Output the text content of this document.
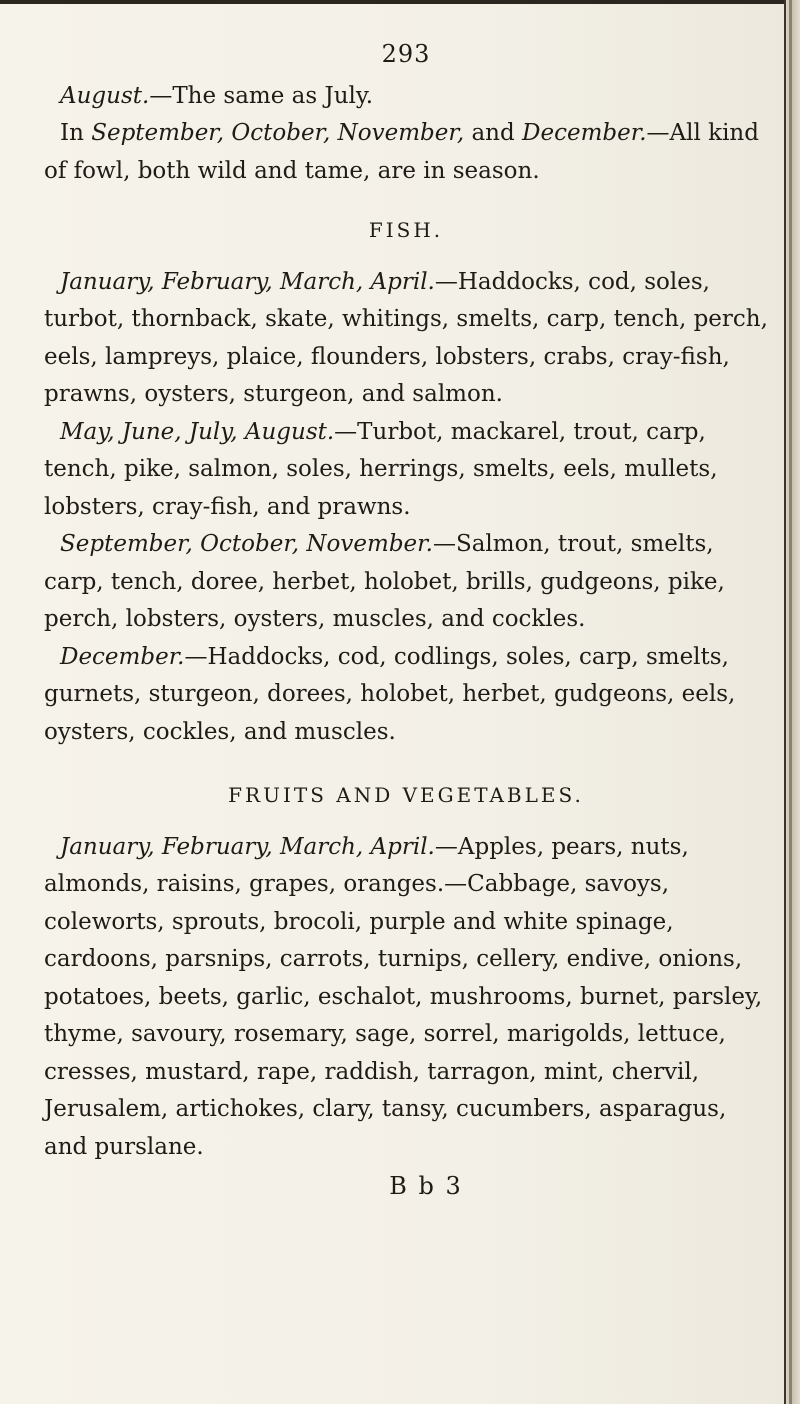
293

August.—The same as July.

In September, October, November, and December.—All kind of fowl, both wild and tame, are in season.

FISH.

January, February, March, April.—Haddocks, cod, soles, turbot, thornback, skate, whitings, smelts, carp, tench, perch, eels, lampreys, plaice, flounders, lobsters, crabs, cray-fish, prawns, oysters, sturgeon, and salmon.

May, June, July, August.—Turbot, mackarel, trout, carp, tench, pike, salmon, soles, herrings, smelts, eels, mullets, lobsters, cray-fish, and prawns.

September, October, November.—Salmon, trout, smelts, carp, tench, doree, herbet, holobet, brills, gudgeons, pike, perch, lobsters, oysters, muscles, and cockles.

December.—Haddocks, cod, codlings, soles, carp, smelts, gurnets, sturgeon, dorees, holobet, herbet, gudgeons, eels, oysters, cockles, and muscles.

FRUITS AND VEGETABLES.

January, February, March, April.—Apples, pears, nuts, almonds, raisins, grapes, oranges.—Cabbage, savoys, coleworts, sprouts, brocoli, purple and white spinage, cardoons, parsnips, carrots, turnips, cellery, endive, onions, potatoes, beets, garlic, eschalot, mushrooms, burnet, parsley, thyme, savoury, rosemary, sage, sorrel, marigolds, lettuce, cresses, mustard, rape, raddish, tarragon, mint, chervil, Jerusalem, artichokes, clary, tansy, cucumbers, asparagus, and purslane.

B b 3
